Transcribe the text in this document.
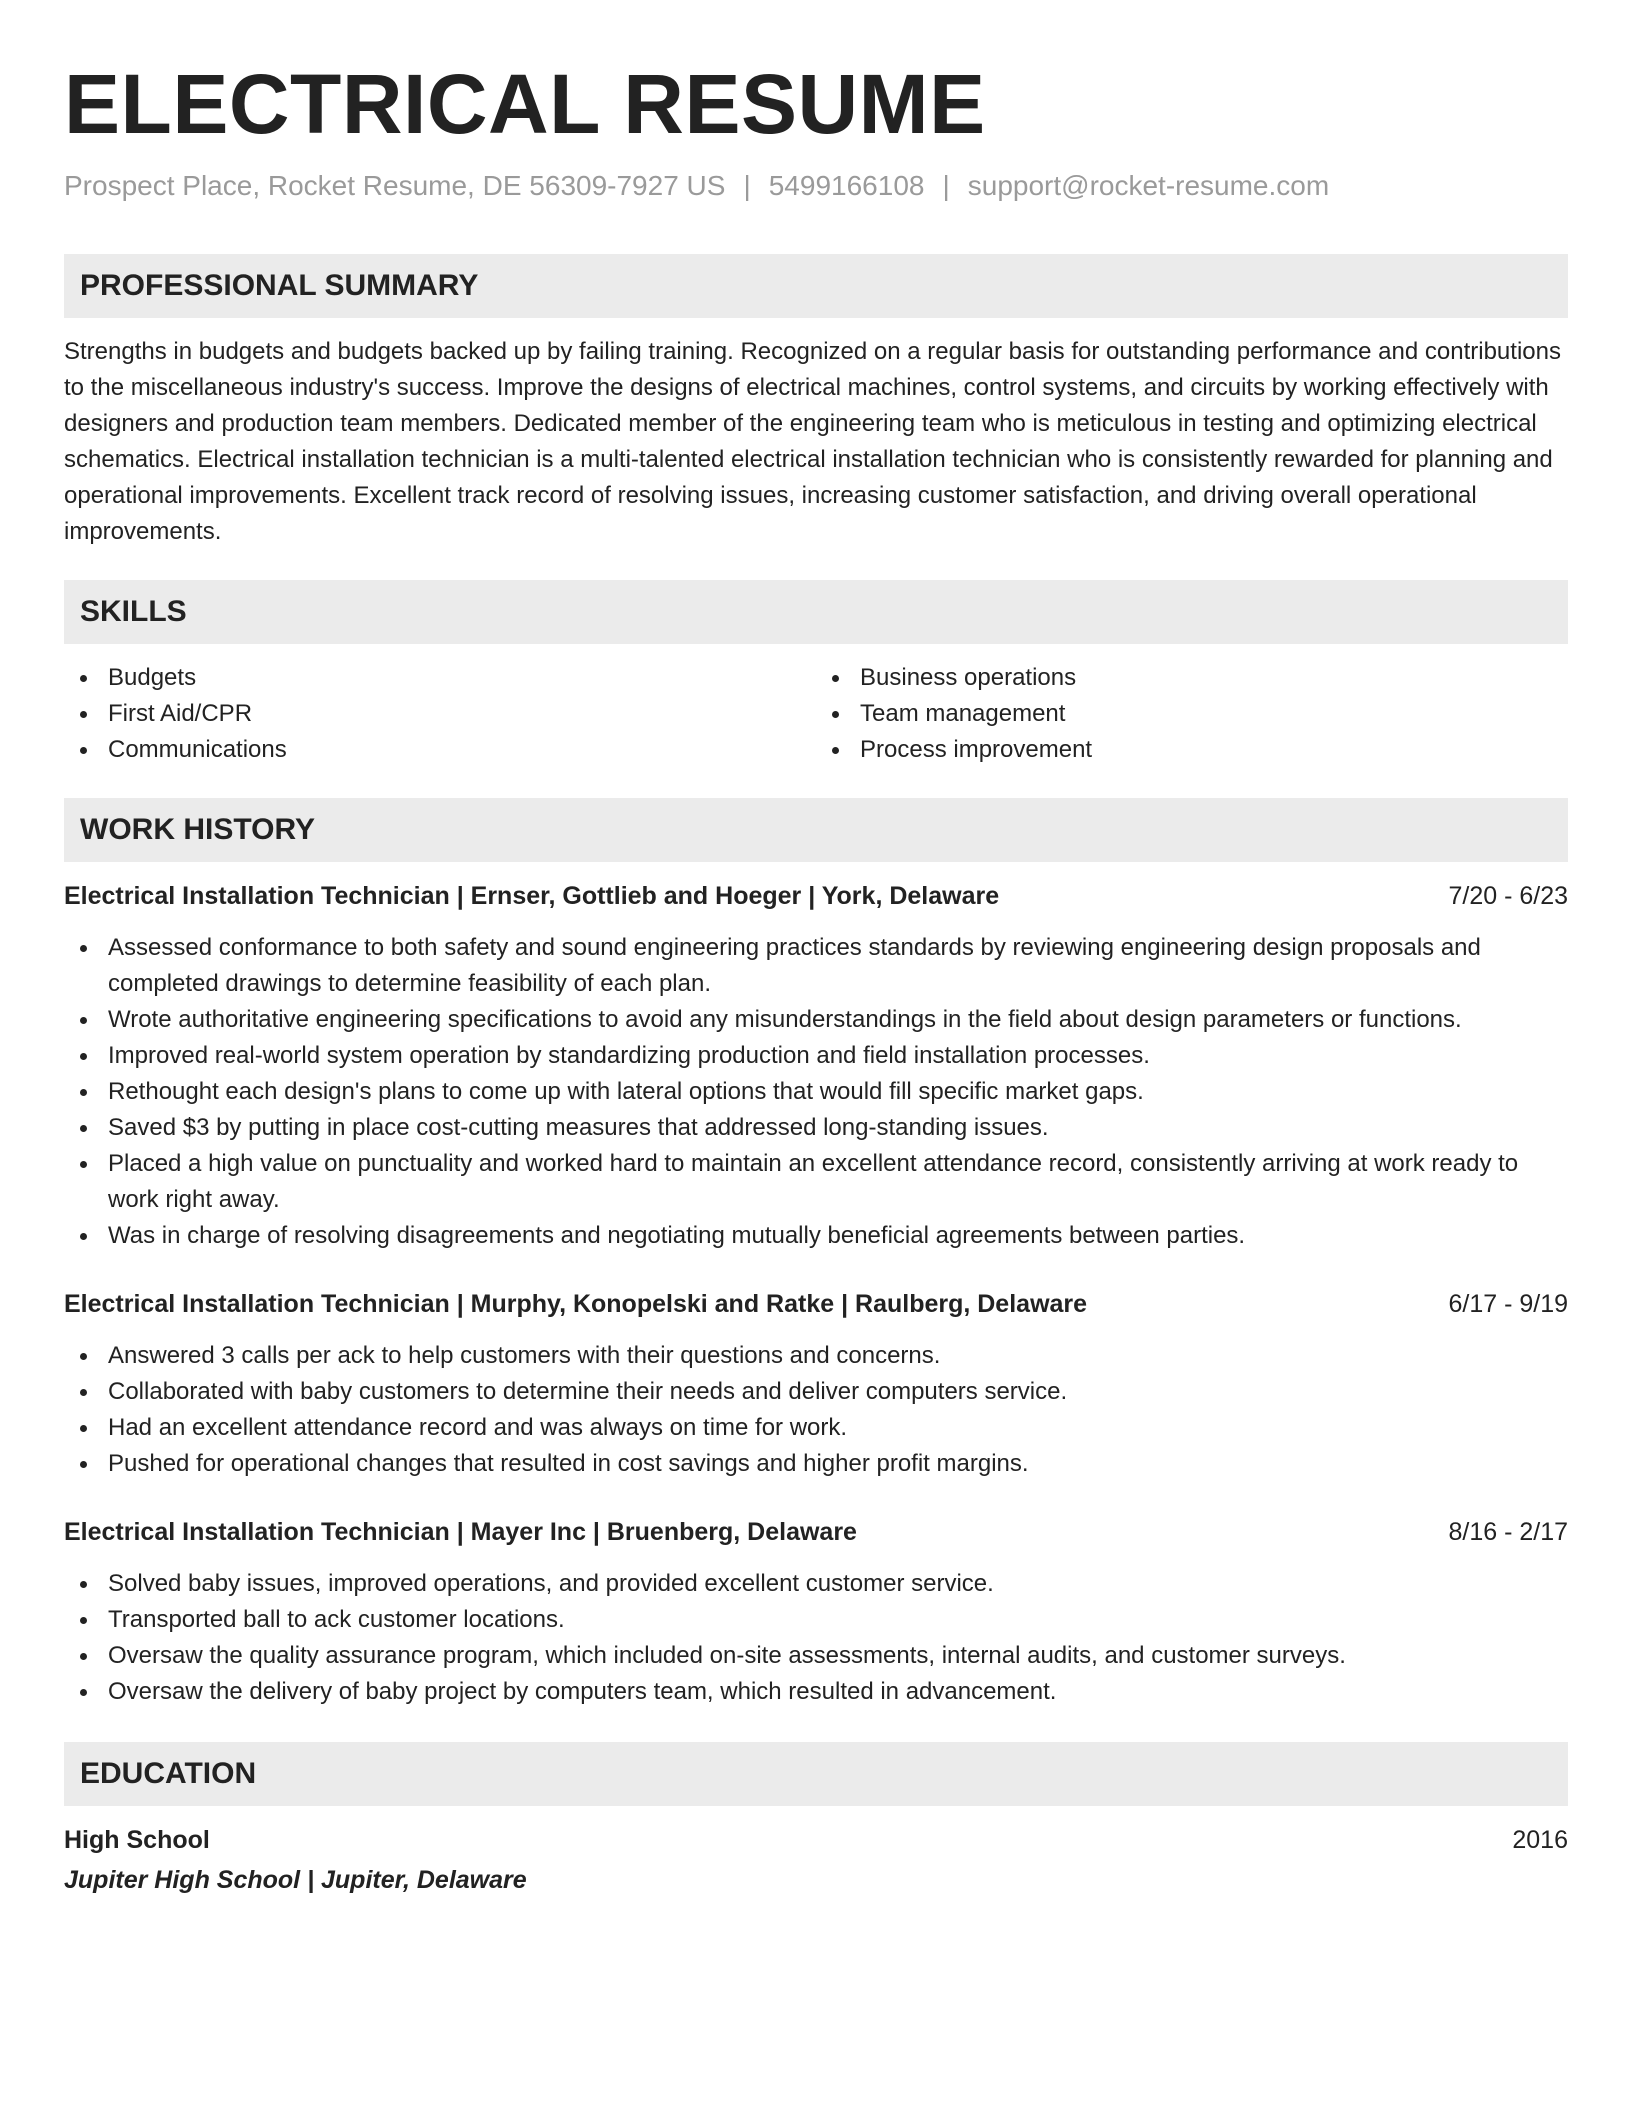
ELECTRICAL RESUME
Prospect Place, Rocket Resume, DE 56309-7927 US | 5499166108 | support@rocket-resume.com
PROFESSIONAL SUMMARY
Strengths in budgets and budgets backed up by failing training. Recognized on a regular basis for outstanding performance and contributions to the miscellaneous industry's success. Improve the designs of electrical machines, control systems, and circuits by working effectively with designers and production team members. Dedicated member of the engineering team who is meticulous in testing and optimizing electrical schematics. Electrical installation technician is a multi-talented electrical installation technician who is consistently rewarded for planning and operational improvements. Excellent track record of resolving issues, increasing customer satisfaction, and driving overall operational improvements.
SKILLS
Budgets
First Aid/CPR
Communications
Business operations
Team management
Process improvement
WORK HISTORY
Electrical Installation Technician | Ernser, Gottlieb and Hoeger | York, Delaware	7/20 - 6/23
Assessed conformance to both safety and sound engineering practices standards by reviewing engineering design proposals and completed drawings to determine feasibility of each plan.
Wrote authoritative engineering specifications to avoid any misunderstandings in the field about design parameters or functions.
Improved real-world system operation by standardizing production and field installation processes.
Rethought each design's plans to come up with lateral options that would fill specific market gaps.
Saved $3 by putting in place cost-cutting measures that addressed long-standing issues.
Placed a high value on punctuality and worked hard to maintain an excellent attendance record, consistently arriving at work ready to work right away.
Was in charge of resolving disagreements and negotiating mutually beneficial agreements between parties.
Electrical Installation Technician | Murphy, Konopelski and Ratke | Raulberg, Delaware	6/17 - 9/19
Answered 3 calls per ack to help customers with their questions and concerns.
Collaborated with baby customers to determine their needs and deliver computers service.
Had an excellent attendance record and was always on time for work.
Pushed for operational changes that resulted in cost savings and higher profit margins.
Electrical Installation Technician | Mayer Inc | Bruenberg, Delaware	8/16 - 2/17
Solved baby issues, improved operations, and provided excellent customer service.
Transported ball to ack customer locations.
Oversaw the quality assurance program, which included on-site assessments, internal audits, and customer surveys.
Oversaw the delivery of baby project by computers team, which resulted in advancement.
EDUCATION
High School	2016
Jupiter High School | Jupiter, Delaware
